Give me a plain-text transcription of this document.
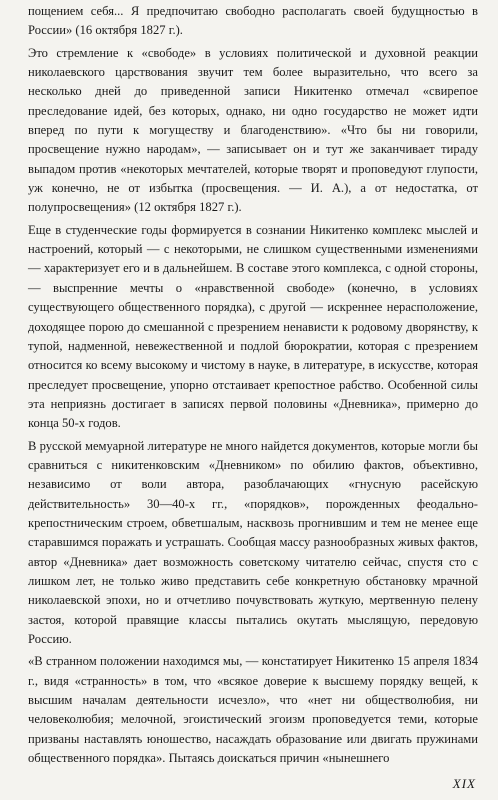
пощением себя... Я предпочитаю свободно располагать своей будущностью в России» (16 октября 1827 г.).

Это стремление к «свободе» в условиях политической и духовной реакции николаевского царствования звучит тем более выразительно, что всего за несколько дней до приведенной записи Никитенко отмечал «свирепое преследование идей, без которых, однако, ни одно государство не может идти вперед по пути к могуществу и благоденствию». «Что бы ни говорили, просвещение нужно народам», — записывает он и тут же заканчивает тираду выпадом против «некоторых мечтателей, которые творят и проповедуют глупости, уж конечно, не от избытка (просвещения. — И. А.), а от недостатка, от полупросвещения» (12 октября 1827 г.).

Еще в студенческие годы формируется в сознании Никитенко комплекс мыслей и настроений, который — с некоторыми, не слишком существенными изменениями — характеризует его и в дальнейшем. В составе этого комплекса, с одной стороны, — выспренние мечты о «нравственной свободе» (конечно, в условиях существующего общественного порядка), с другой — искреннее нерасположение, доходящее порою до смешанной с презрением ненависти к родовому дворянству, к тупой, надменной, невежественной и подлой бюрократии, которая с презрением относится ко всему высокому и чистому в науке, в литературе, в искусстве, которая преследует просвещение, упорно отстаивает крепостное рабство. Особенной силы эта неприязнь достигает в записях первой половины «Дневника», примерно до конца 50-х годов.

В русской мемуарной литературе не много найдется документов, которые могли бы сравниться с никитенковским «Дневником» по обилию фактов, объективно, независимо от воли автора, разоблачающих «гнусную расейскую действительность» 30—40-х гг., «порядков», порожденных феодально-крепостническим строем, обветшалым, насквозь прогнившим и тем не менее еще старавшимся поражать и устрашать. Сообщая массу разнообразных живых фактов, автор «Дневника» дает возможность советскому читателю сейчас, спустя сто с лишком лет, не только живо представить себе конкретную обстановку мрачной николаевской эпохи, но и отчетливо почувствовать жуткую, мертвенную пелену застоя, которой правящие классы пытались окутать мыслящую, передовую Россию.

«В странном положении находимся мы, — констатирует Никитенко 15 апреля 1834 г., видя «странность» в том, что «всякое доверие к высшему порядку вещей, к высшим началам деятельности исчезло», что «нет ни обществолюбия, ни человеколюбия; мелочной, эгоистический эгоизм проповедуется теми, которые призваны наставлять юношество, насаждать образование или двигать пружинами общественного порядка». Пытаясь доискаться причин «нынешнего

XIX
